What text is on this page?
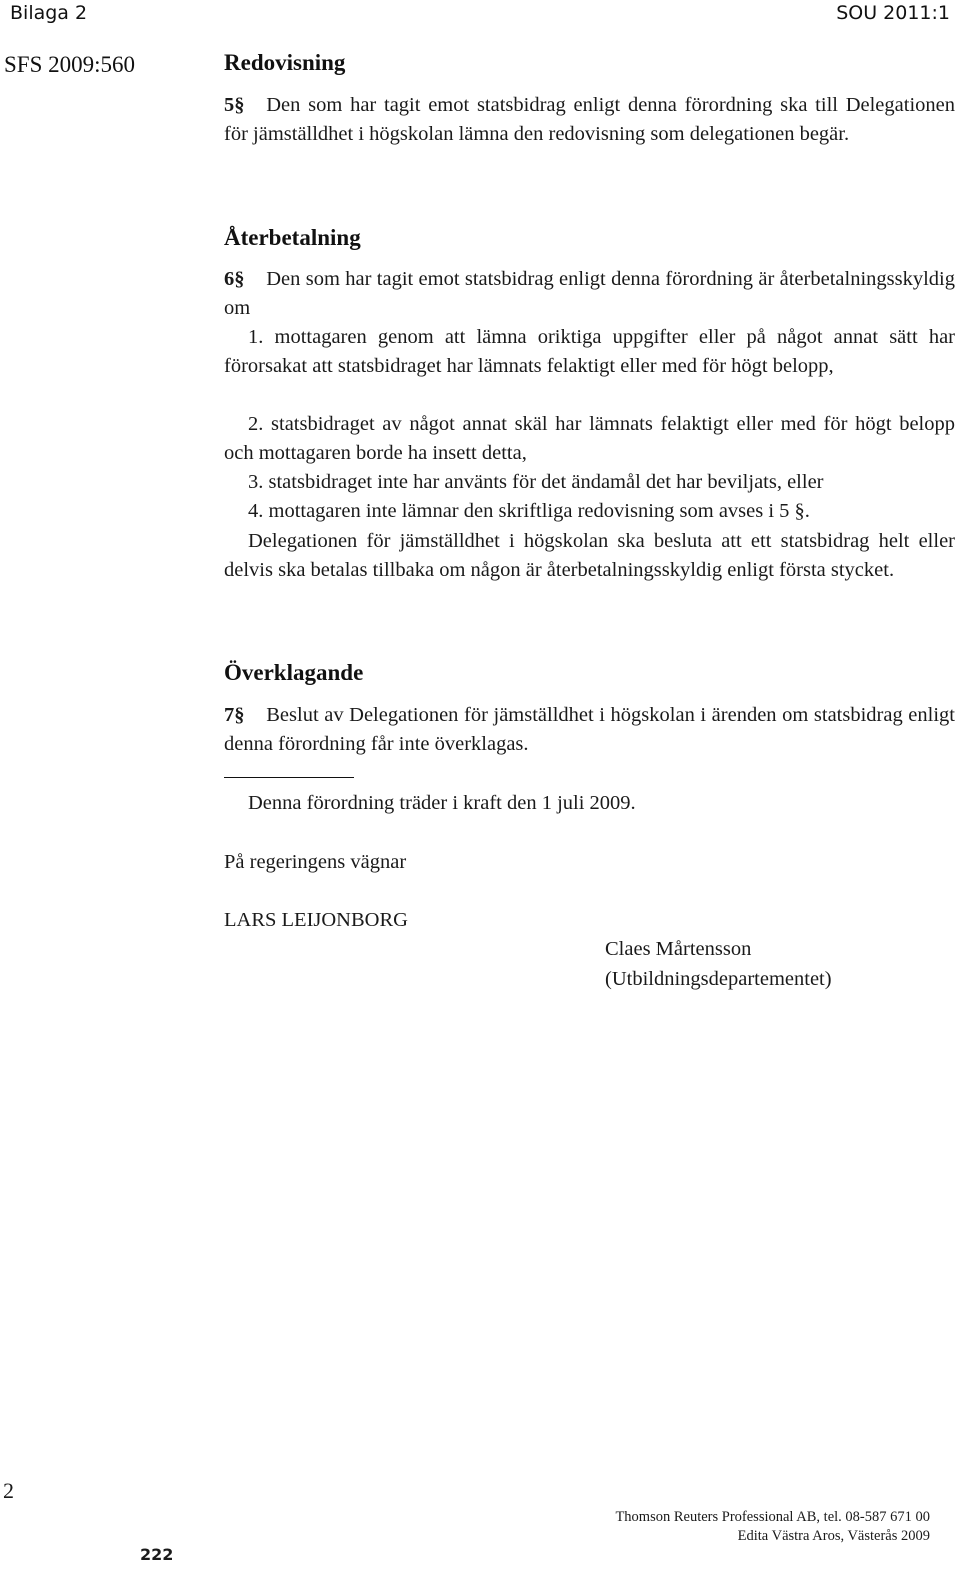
Bilaga 2	SOU 2011:1
SFS 2009:560	Redovisning

5§ Den som har tagit emot statsbidrag enligt denna förordning ska till Delegationen för jämställdhet i högskolan lämna den redovisning som delegationen begär.

Återbetalning

6§ Den som har tagit emot statsbidrag enligt denna förordning är återbetalningsskyldig om

1. mottagaren genom att lämna oriktiga uppgifter eller på något annat sätt har förorsakat att statsbidraget har lämnats felaktigt eller med för högt belopp,

2. statsbidraget av något annat skäl har lämnats felaktigt eller med för högt belopp och mottagaren borde ha insett detta,

3. statsbidraget inte har använts för det ändamål det har beviljats, eller

4. mottagaren inte lämnar den skriftliga redovisning som avses i 5 §.

Delegationen för jämställdhet i högskolan ska besluta att ett statsbidrag helt eller delvis ska betalas tillbaka om någon är återbetalningsskyldig enligt första stycket.

Överklagande

7§ Beslut av Delegationen för jämställdhet i högskolan i ärenden om statsbidrag enligt denna förordning får inte överklagas.

Denna förordning träder i kraft den 1 juli 2009.
På regeringens vägnar
LARS LEIJONBORG
Claes Mårtensson
(Utbildningsdepartementet)
2
Thomson Reuters Professional AB, tel. 08-587 671 00
Edita Västra Aros, Västerås 2009
222
